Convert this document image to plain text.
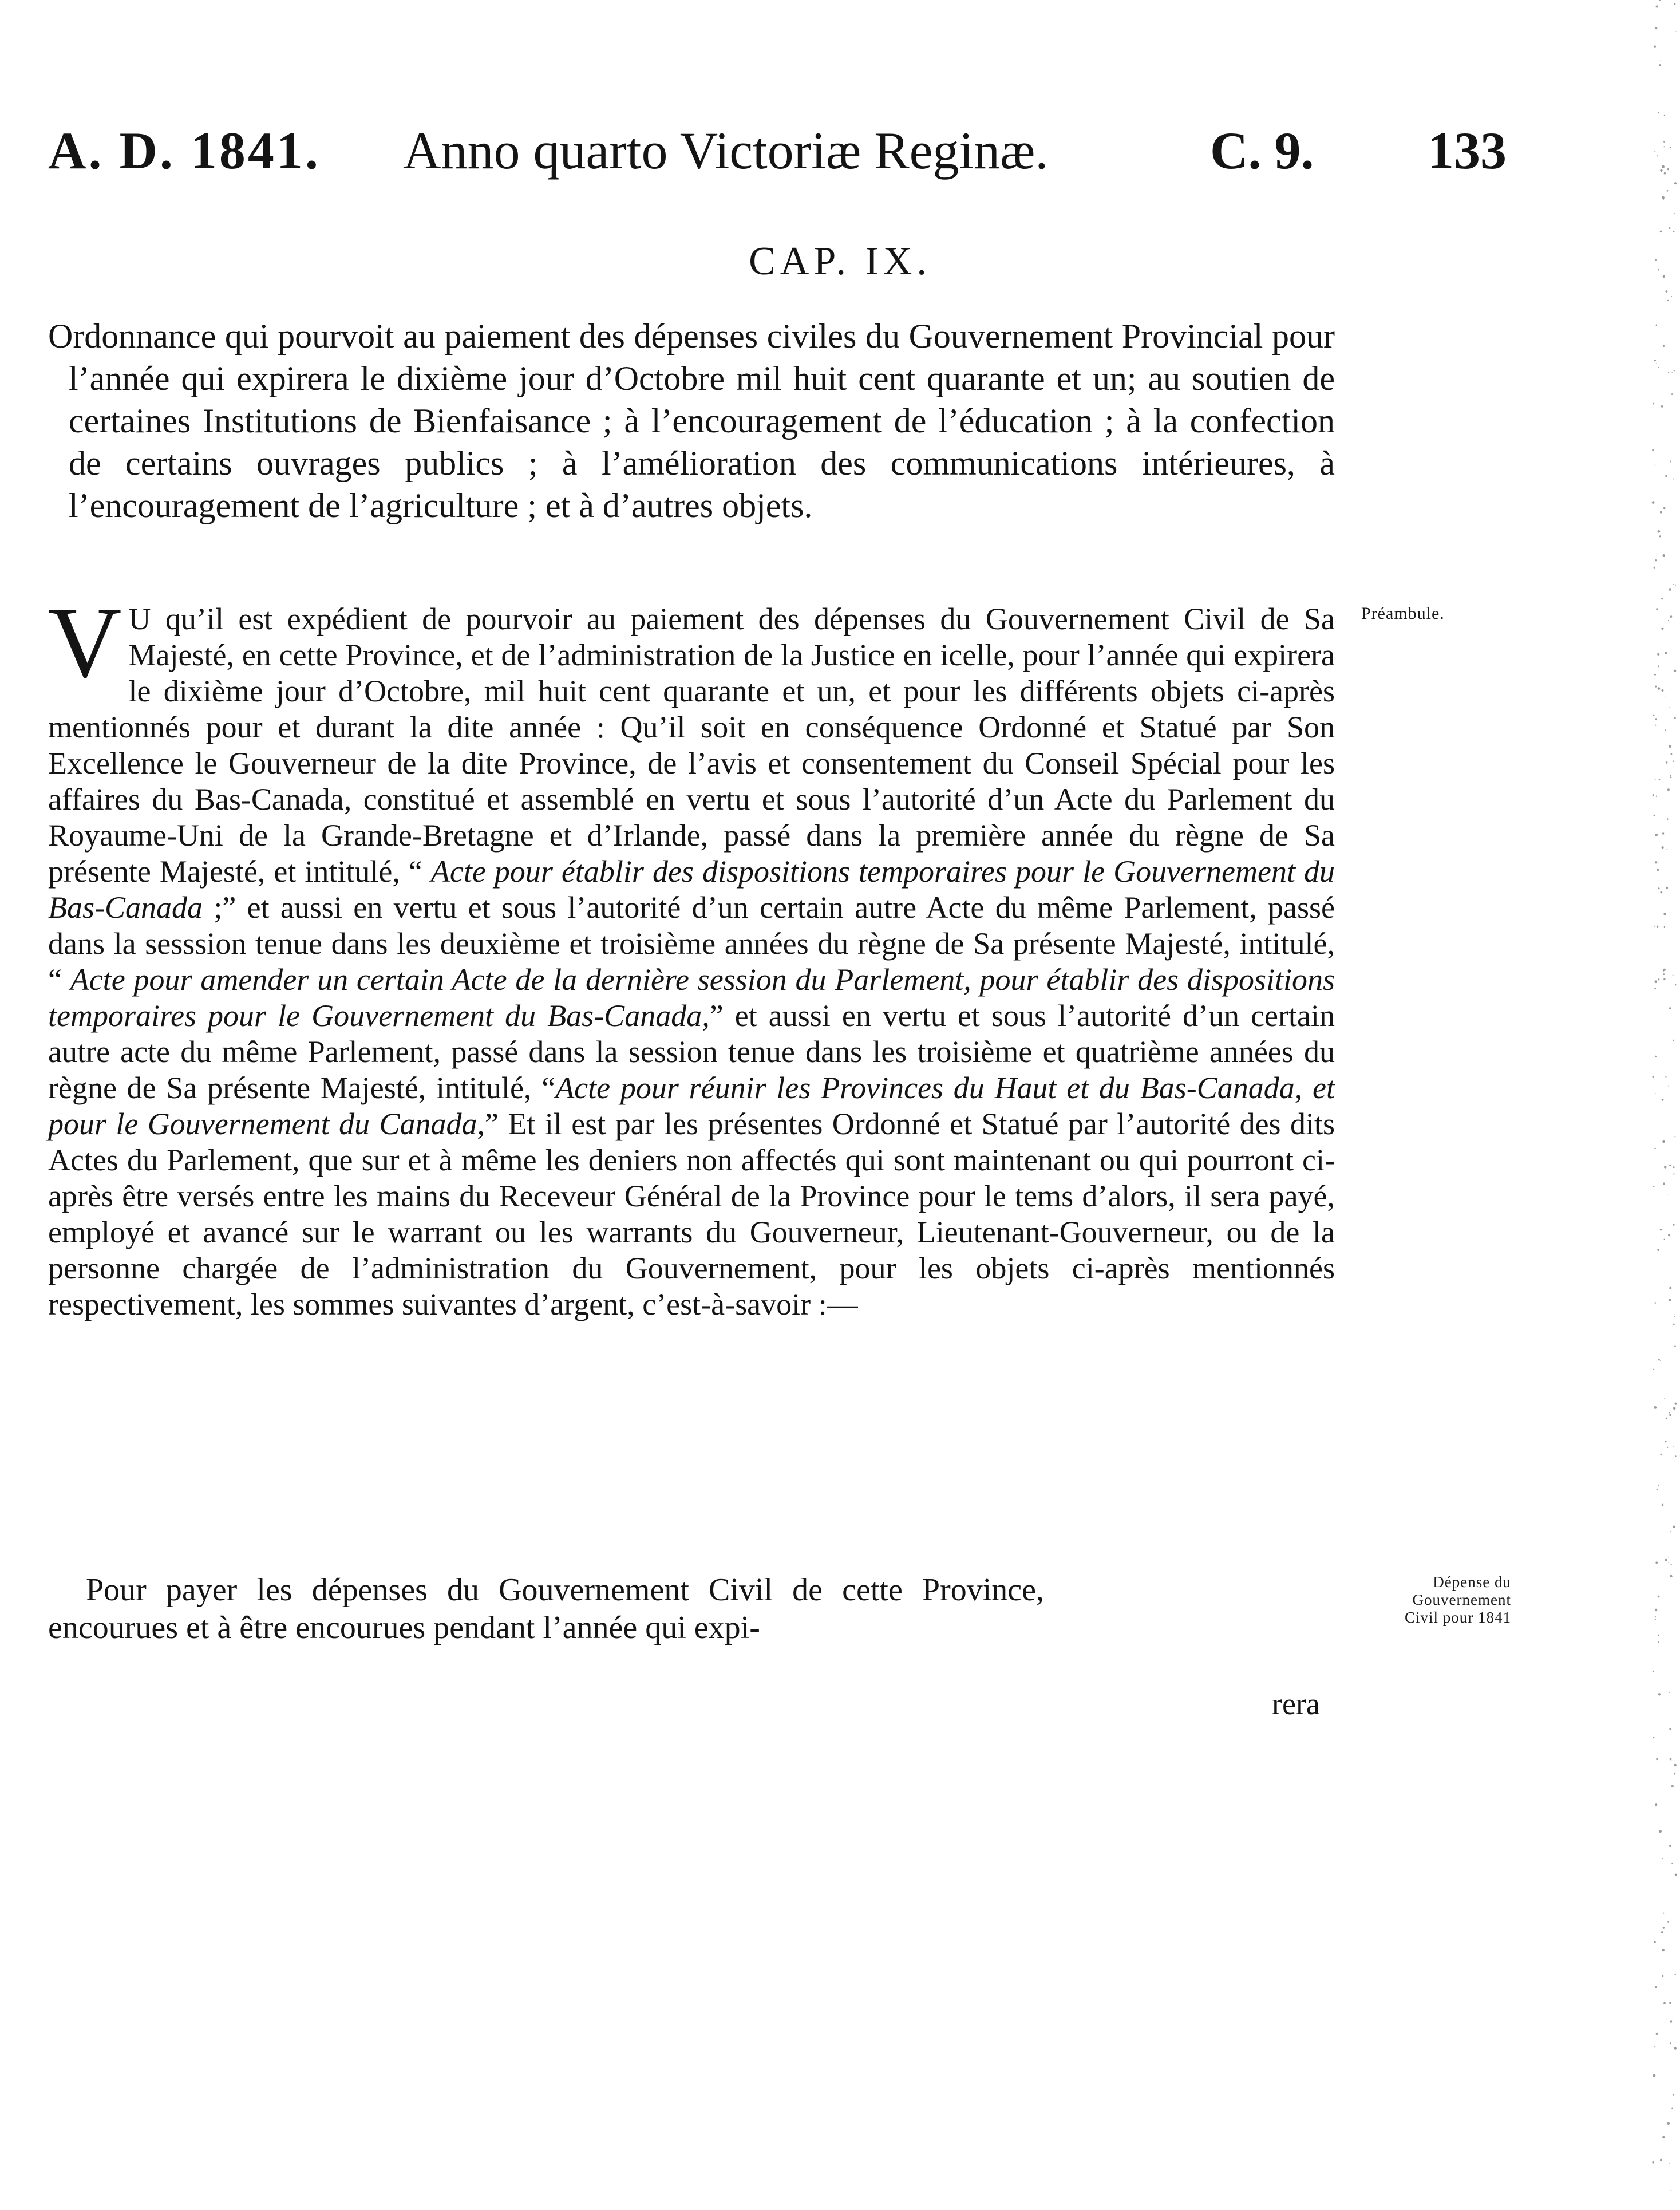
A. D. 1841. Anno quarto Victoriæ Reginæ.	C. 9. 133
CAP. IX.
Ordonnance qui pourvoit au paiement des dépenses civiles du Gouvernement Provincial pour l’année qui expirera le dixième jour d’Octobre mil huit cent quarante et un; au soutien de certaines Institutions de Bienfaisance ; à l’encouragement de l’éducation ; à la confection de certains ouvrages publics ; à l’amélioration des communications intérieures, à l’encouragement de l’agriculture ; et à d’autres objets.
Préambule.
V U qu’il est expédient de pourvoir au paiement des dépenses du Gouvernement Civil de Sa Majesté, en cette Province, et de l’administration de la Justice en icelle, pour l’année qui expirera le dixième jour d’Octobre, mil huit cent quarante et un, et pour les différents objets ci-après mentionnés pour et durant la dite année : Qu’il soit en conséquence Ordonné et Statué par Son Excellence le Gouverneur de la dite Province, de l’avis et consentement du Conseil Spécial pour les affaires du Bas-Canada, constitué et assemblé en vertu et sous l’autorité d’un Acte du Parlement du Royaume-Uni de la Grande-Bretagne et d’Irlande, passé dans la première année du règne de Sa présente Majesté, et intitulé, “ Acte pour établir des dispositions temporaires pour le Gouvernement du Bas-Canada ;” et aussi en vertu et sous l’autorité d’un certain autre Acte du même Parlement, passé dans la sesssion tenue dans les deuxième et troisième années du règne de Sa présente Majesté, intitulé, “ Acte pour amender un certain Acte de la dernière session du Parlement, pour établir des dispositions temporaires pour le Gouvernement du Bas-Canada,” et aussi en vertu et sous l’autorité d’un certain autre acte du même Parlement, passé dans la session tenue dans les troisième et quatrième années du règne de Sa présente Majesté, intitulé, “Acte pour réunir les Provinces du Haut et du Bas-Canada, et pour le Gouvernement du Canada,” Et il est par les présentes Ordonné et Statué par l’autorité des dits Actes du Parlement, que sur et à même les deniers non affectés qui sont maintenant ou qui pourront ci-après être versés entre les mains du Receveur Général de la Province pour le tems d’alors, il sera payé, employé et avancé sur le warrant ou les warrants du Gouverneur, Lieutenant-Gouverneur, ou de la personne chargée de l’administration du Gouvernement, pour les objets ci-après mentionnés respectivement, les sommes suivantes d’argent, c’est-à-savoir :—
Pour payer les dépenses du Gouvernement Civil de cette Province, encourues et à être encourues pendant l’année qui expi-
Dépense du
Gouvernement
Civil pour 1841
rera
